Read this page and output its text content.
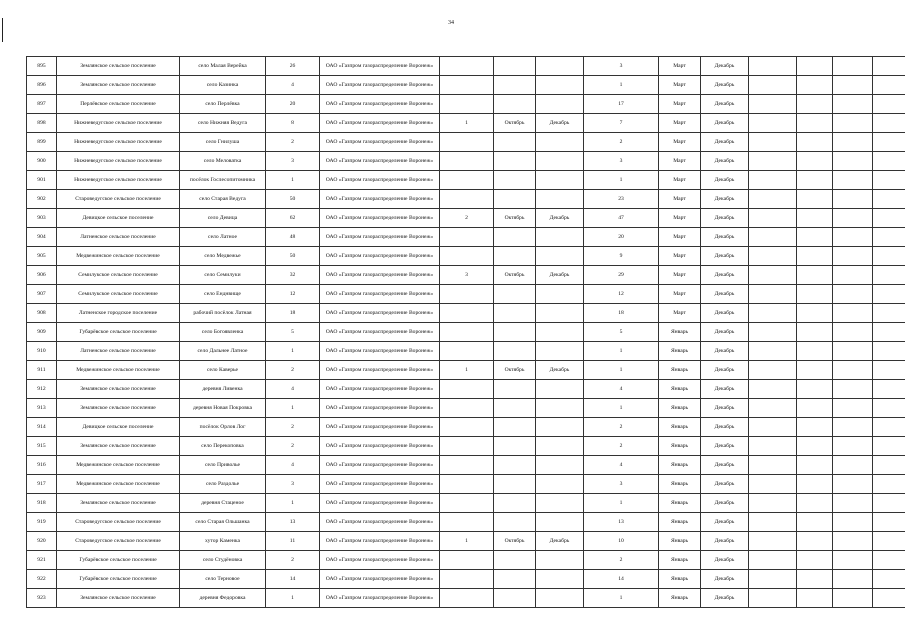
34
895	Землянское сельское поселение	село Малая Верейка	26	ОАО «Газпром газораспределение Воронеж»				3	Март	Декабрь				
896	Землянское сельское поселение	село Казинка	4	ОАО «Газпром газораспределение Воронеж»				1	Март	Декабрь				
897	Перлёвское сельское поселение	село Перлёвка	20	ОАО «Газпром газораспределение Воронеж»				17	Март	Декабрь				
898	Нижневедугское сельское поселение	село Нижняя Ведуга	8	ОАО «Газпром газораспределение Воронеж»	1	Октябрь	Декабрь	7	Март	Декабрь				
899	Нижневедугское сельское поселение	село Гнилуша	2	ОАО «Газпром газораспределение Воронеж»				2	Март	Декабрь				
900	Нижневедугское сельское поселение	село Меловатка	3	ОАО «Газпром газораспределение Воронеж»				3	Март	Декабрь				
901	Нижневедугское сельское поселение	посёлок Гослесопитомника	1	ОАО «Газпром газораспределение Воронеж»				1	Март	Декабрь				
902	Староведугское сельское поселение	село Старая Ведуга	50	ОАО «Газпром газораспределение Воронеж»				23	Март	Декабрь				
903	Девицкое сельское поселение	село Девица	62	ОАО «Газпром газораспределение Воронеж»	2	Октябрь	Декабрь	47	Март	Декабрь				
904	Латненское сельское поселение	село Латное	48	ОАО «Газпром газораспределение Воронеж»				20	Март	Декабрь				
905	Медвежинское сельское поселение	село Медвежье	50	ОАО «Газпром газораспределение Воронеж»				9	Март	Декабрь				
906	Семилукское сельское поселение	село Семилуки	32	ОАО «Газпром газораспределение Воронеж»	3	Октябрь	Декабрь	29	Март	Декабрь				
907	Семилукское сельское поселение	село Енднвище	12	ОАО «Газпром газораспределение Воронеж»				12	Март	Декабрь				
908	Латненское городское поселение	рабочий посёлок Латная	18	ОАО «Газпром газораспределение Воронеж»				18	Март	Декабрь				
909	Губарёвское сельское поселение	село Богоявленка	5	ОАО «Газпром газораспределение Воронеж»				5	Январь	Декабрь				
910	Латненское сельское поселение	село Дальнее Латное	1	ОАО «Газпром газораспределение Воронеж»				1	Январь	Декабрь				
911	Медвежинское сельское поселение	село Каверье	2	ОАО «Газпром газораспределение Воронеж»	1	Октябрь	Декабрь	1	Январь	Декабрь				
912	Землянское сельское поселение	деревня Ливенка	4	ОАО «Газпром газораспределение Воронеж»				4	Январь	Декабрь				
913	Землянское сельское поселение	деревня Новая Покровка	1	ОАО «Газпром газораспределение Воронеж»				1	Январь	Декабрь				
914	Девицкое сельское поселение	посёлок Орлов Лог	2	ОАО «Газпром газораспределение Воронеж»				2	Январь	Декабрь				
915	Землянское сельское поселение	село Перекоповка	2	ОАО «Газпром газораспределение Воронеж»				2	Январь	Декабрь				
916	Медвежинское сельское поселение	село Приволье	4	ОАО «Газпром газораспределение Воронеж»				4	Январь	Декабрь				
917	Медвежинское сельское поселение	село Раздолье	3	ОАО «Газпром газораспределение Воронеж»				3	Январь	Декабрь				
918	Землянское сельское поселение	деревня Стаценое	1	ОАО «Газпром газораспределение Воронеж»				1	Январь	Декабрь				
919	Староведугское сельское поселение	село Старая Ольшанка	13	ОАО «Газпром газораспределение Воронеж»				13	Январь	Декабрь				
920	Староведугское сельское поселение	хутор Каменка	11	ОАО «Газпром газораспределение Воронеж»	1	Октябрь	Декабрь	10	Январь	Декабрь				
921	Губарёвское сельское поселение	село Студёновка	2	ОАО «Газпром газораспределение Воронеж»				2	Январь	Декабрь				
922	Губарёвское сельское поселение	село Терновое	14	ОАО «Газпром газораспределение Воронеж»				14	Январь	Декабрь				
923	Землянское сельское поселение	деревня Федоровка	1	ОАО «Газпром газораспределение Воронеж»				1	Январь	Декабрь				
